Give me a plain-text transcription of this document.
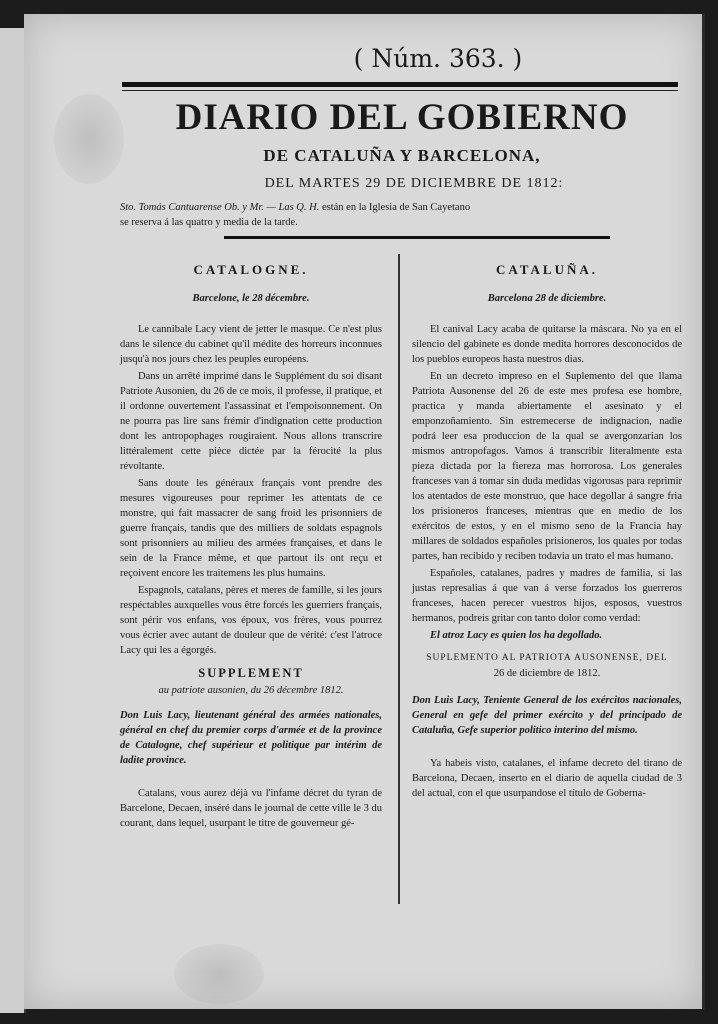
( Núm. 363. )
DIARIO DEL GOBIERNO
DE CATALUÑA Y BARCELONA,
DEL MARTES 29 DE DICIEMBRE DE 1812:
Sto. Tomás Cantuarense Ob. y Mr. — Las Q. H. están en la Iglesia de San Cayetano
se reserva á las quatro y media de la tarde.
CATALOGNE.
Barcelone, le 28 décembre.

Le cannibale Lacy vient de jetter le masque. Ce n'est plus dans le silence du cabinet qu'il médite des horreurs inconnues jusqu'à nos jours chez les peuples européens.

Dans un arrêté imprimé dans le Supplément du soi disant Patriote Ausonien, du 26 de ce mois, il professe, il pratique, et il ordonne ouvertement l'assassinat et l'empoisonnement. On ne pourra pas lire sans frémir d'indignation cette production dont les antropophages rougiraient. Nous allons transcrire littéralement cette pièce dictée par la férocité la plus révoltante.

Sans doute les généraux français vont prendre des mesures vigoureuses pour reprimer les attentats de ce monstre, qui fait massacrer de sang froid les prisonniers de guerre français, tandis que des milliers de soldats espagnols sont prisonniers au milieu des armées françaises, et dans le sein de la France même, et que partout ils ont reçu et reçoivent encore les traitemens les plus humains.

Espagnols, catalans, pères et meres de famille, si les jours respéctables auxquelles vous être forcés les guerriers français, sont périr vos enfans, vos époux, vos frères, vous pourrez vous écrier avec autant de douleur que de vérité: c'est l'atroce Lacy qui les a égorgés.

SUPPLEMENT
au patriote ausonien, du 26 décembre 1812.

Don Luis Lacy, lieutenant général des armées nationales, général en chef du premier corps d'armée et de la province de Catalogne, chef supérieur et politique par intérim de ladite province.

Catalans, vous aurez déjà vu l'infame décret du tyran de Barcelone, Decaen, inséré dans le journal de cette ville le 3 du courant, dans lequel, usurpant le titre de gouverneur gé-

CATALUÑA.
Barcelona 28 de diciembre.

El canival Lacy acaba de quitarse la máscara. No ya en el silencio del gabinete es donde medita horrores desconocidos de los pueblos europeos hasta nuestros dias.

En un decreto impreso en el Suplemento del que llama Patriota Ausonense del 26 de este mes profesa ese hombre, practica y manda abiertamente el asesinato y el emponzoñamiento. Sin estremecerse de indignacion, nadie podrá leer esa produccion de la qual se avergonzarian los mismos antropofagos. Vamos á transcribir literalmente esta pieza dictada por la fiereza mas horrorosa. Los generales franceses van á tomar sin duda medidas vigorosas para reprimir los atentados de este monstruo, que hace degollar á sangre fria los prisioneros franceses, mientras que en medio de los exércitos de estos, y en el mismo seno de la Francia hay millares de soldados españoles prisioneros, los quales por todas partes, han recibido y reciben todavia un trato el mas humano.

Españoles, catalanes, padres y madres de familia, si las justas represalias á que van á verse forzados los guerreros franceses, hacen perecer vuestros hijos, esposos, vuestros hermanos, podreis gritar con tanto dolor como verdad:

El atroz Lacy es quien los ha degollado.

SUPLEMENTO AL PATRIOTA AUSONENSE, DEL
26 de diciembre de 1812.

Don Luis Lacy, Teniente General de los exércitos nacionales, General en gefe del primer exército y del principado de Cataluña, Gefe superior politico interino del mismo.

Ya habeis visto, catalanes, el infame decreto del tirano de Barcelona, Decaen, inserto en el diario de aquella ciudad de 3 del actual, con el que usurpandose el título de Goberna-
